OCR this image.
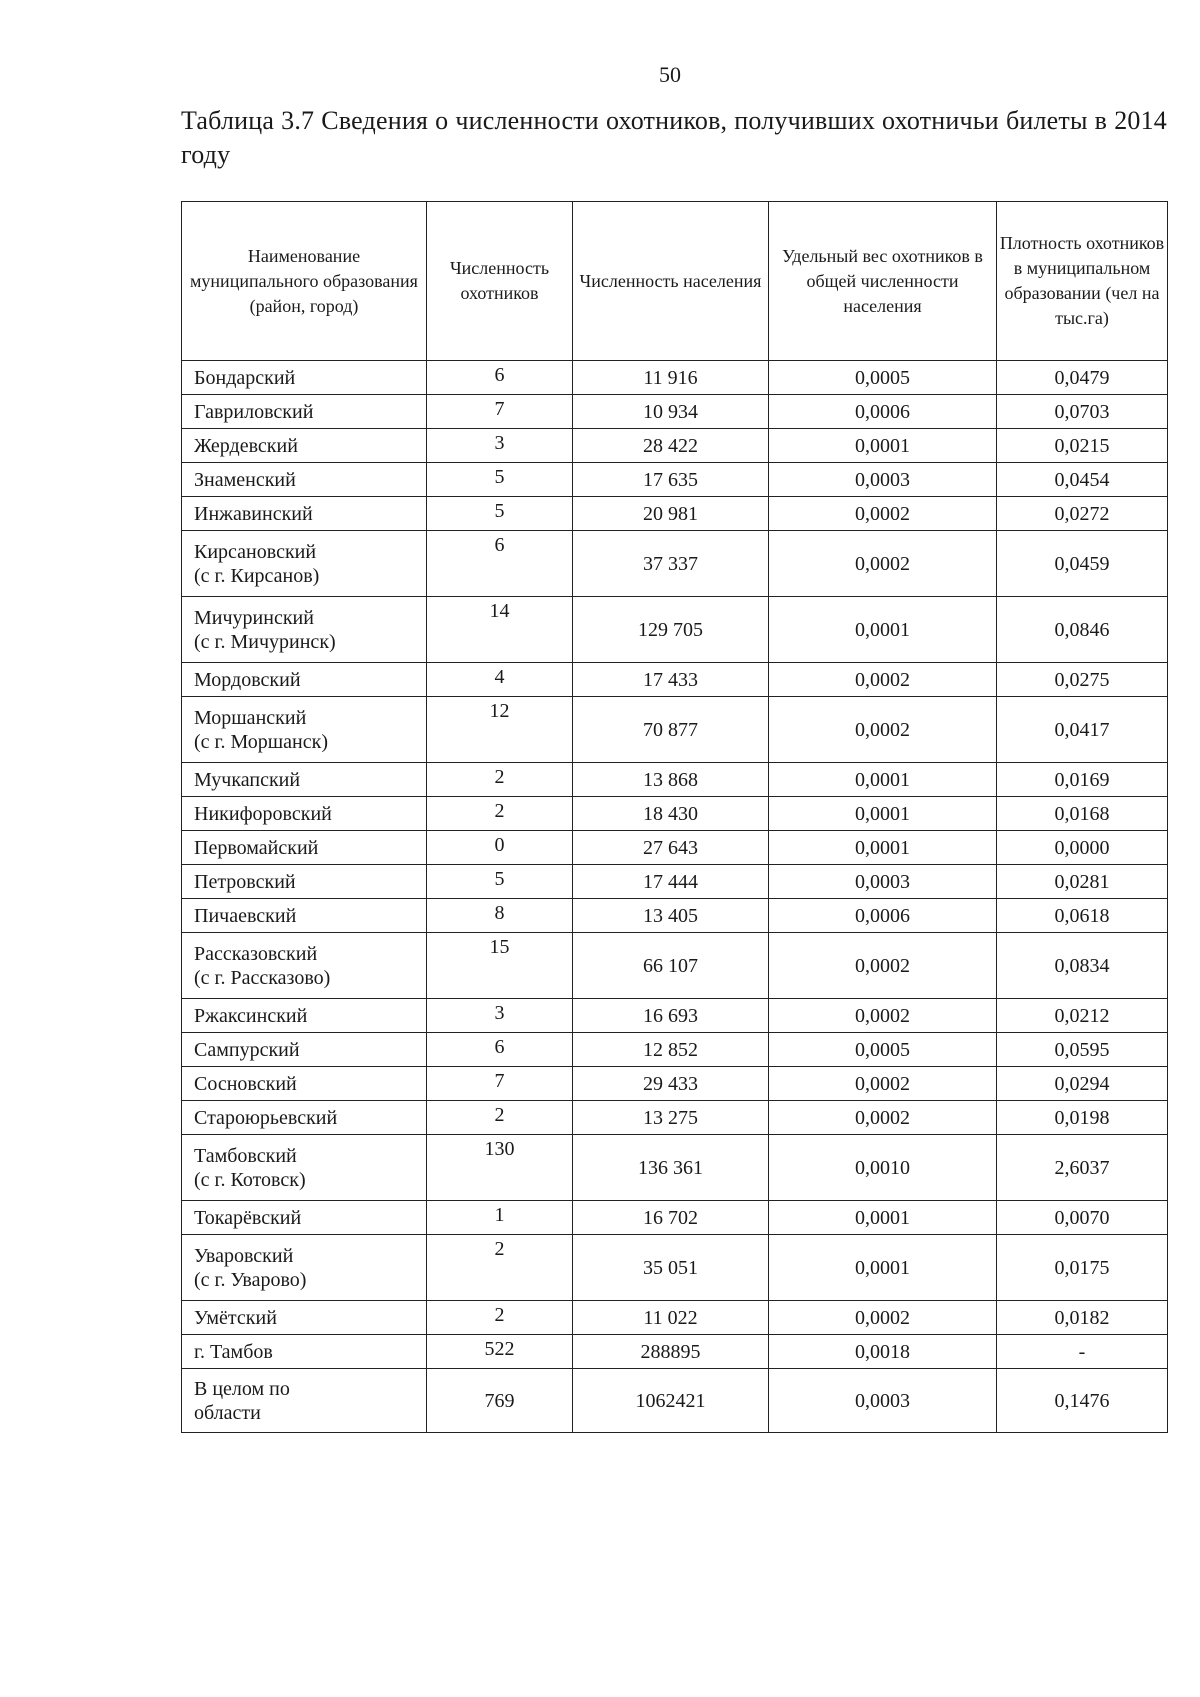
50
Таблица 3.7 Сведения о численности охотников, получивших охотничьи билеты в 2014 году
Наименование муниципального образования (район, город)	Численность охотников	Численность населения	Удельный вес охотников в общей численности населения	Плотность охотников в муниципальном образовании (чел на тыс.га)

Бондарский	6	11 916	0,0005	0,0479

Гавриловский	7	10 934	0,0006	0,0703

Жердевский	3	28 422	0,0001	0,0215

Знаменский	5	17 635	0,0003	0,0454

Инжавинский	5	20 981	0,0002	0,0272

Кирсановский
(с г. Кирсанов)	6	37 337	0,0002	0,0459

Мичуринский
(с г. Мичуринск)	14	129 705	0,0001	0,0846

Мордовский	4	17 433	0,0002	0,0275

Моршанский
(с г. Моршанск)	12	70 877	0,0002	0,0417

Мучкапский	2	13 868	0,0001	0,0169

Никифоровский	2	18 430	0,0001	0,0168

Первомайский	0	27 643	0,0001	0,0000

Петровский	5	17 444	0,0003	0,0281

Пичаевский	8	13 405	0,0006	0,0618

Рассказовский
(с г. Рассказово)	15	66 107	0,0002	0,0834

Ржаксинский	3	16 693	0,0002	0,0212

Сампурский	6	12 852	0,0005	0,0595

Сосновский	7	29 433	0,0002	0,0294

Староюрьевский	2	13 275	0,0002	0,0198

Тамбовский
(с г. Котовск)	130	136 361	0,0010	2,6037

Токарёвский	1	16 702	0,0001	0,0070

Уваровский
(с г. Уварово)	2	35 051	0,0001	0,0175

Умётский	2	11 022	0,0002	0,0182

г. Тамбов	522	288895	0,0018	-

В целом по
области	769	1062421	0,0003	0,1476
